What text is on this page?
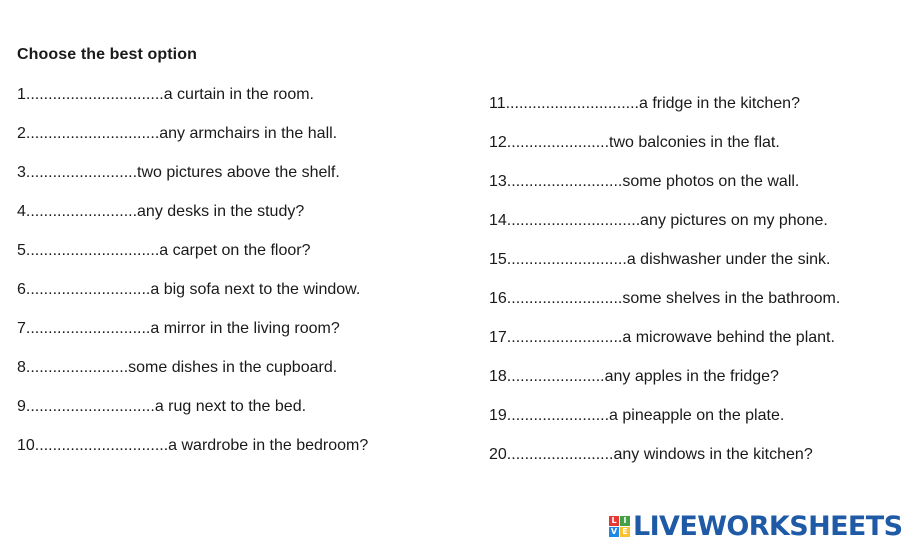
Choose the best option
1...............................a curtain in the room.
2..............................any armchairs in the hall.
3.........................two pictures above the shelf.
4.........................any desks in the study?
5..............................a carpet on the floor?
6............................a big sofa next to the window.
7............................a mirror in the living room?
8.......................some dishes in the cupboard.
9.............................a rug next to the bed.
10..............................a wardrobe in the bedroom?
11..............................a fridge in the kitchen?
12.......................two balconies in the flat.
13..........................some photos on the wall.
14..............................any pictures on my phone.
15...........................a dishwasher under the sink.
16..........................some shelves in the bathroom.
17..........................a microwave behind the plant.
18......................any apples in the fridge?
19.......................a pineapple on the plate.
20........................any windows in the kitchen?
L I
V E LIVEWORKSHEETS
